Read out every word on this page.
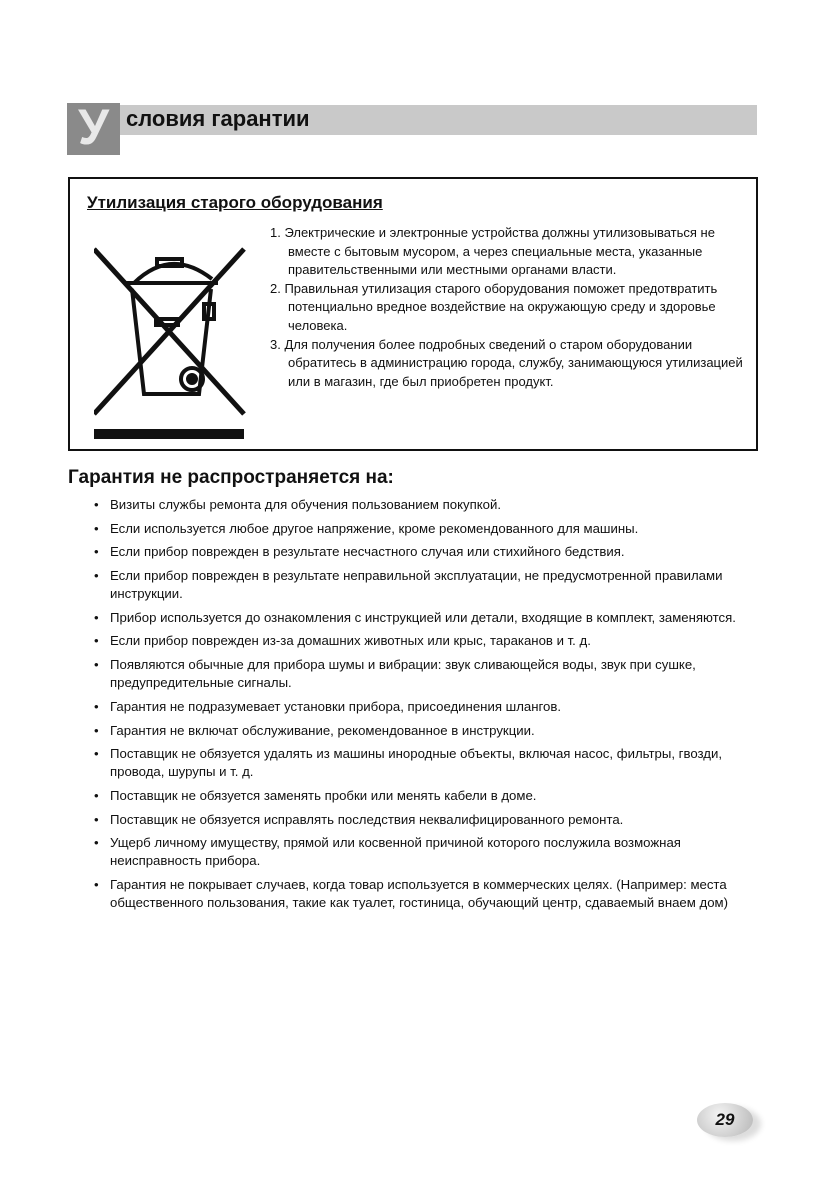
У словия гарантии
Утилизация старого оборудования
1. Электрические и электронные устройства должны утилизовываться не вместе с бытовым мусором, а через специальные места, указанные правительственными или местными органами власти.
2. Правильная утилизация старого оборудования поможет предотвратить потенциально вредное воздействие на окружающую среду и здоровье человека.
3. Для получения более подробных сведений о старом оборудовании обратитесь в администрацию города, службу, занимающуюся утилизацией или в магазин, где был приобретен продукт.
Гарантия не распространяется на:
• Визиты службы ремонта для обучения пользованием покупкой.
• Если используется любое другое напряжение, кроме рекомендованного для машины.
• Если прибор поврежден в результате несчастного случая или стихийного бедствия.
• Если прибор поврежден в результате неправильной эксплуатации, не предусмотренной правилами инструкции.
• Прибор используется до ознакомления с инструкцией или детали, входящие в комплект, заменяются.
• Если прибор поврежден из-за домашних животных или крыс, тараканов и т. д.
• Появляются обычные для прибора шумы и вибрации: звук сливающейся воды, звук при сушке, предупредительные сигналы.
• Гарантия не подразумевает установки прибора, присоединения шлангов.
• Гарантия не включат обслуживание, рекомендованное в инструкции.
• Поставщик не обязуется удалять из машины инородные объекты, включая насос, фильтры, гвозди, провода, шурупы и т. д.
• Поставщик не обязуется заменять пробки или менять кабели в доме.
• Поставщик не обязуется исправлять последствия неквалифицированного ремонта.
• Ущерб личному имуществу, прямой или косвенной причиной которого послужила возможная неисправность прибора.
• Гарантия не покрывает случаев, когда товар используется в коммерческих целях. (Например: места общественного пользования, такие как туалет, гостиница, обучающий центр, сдаваемый внаем дом)
29
